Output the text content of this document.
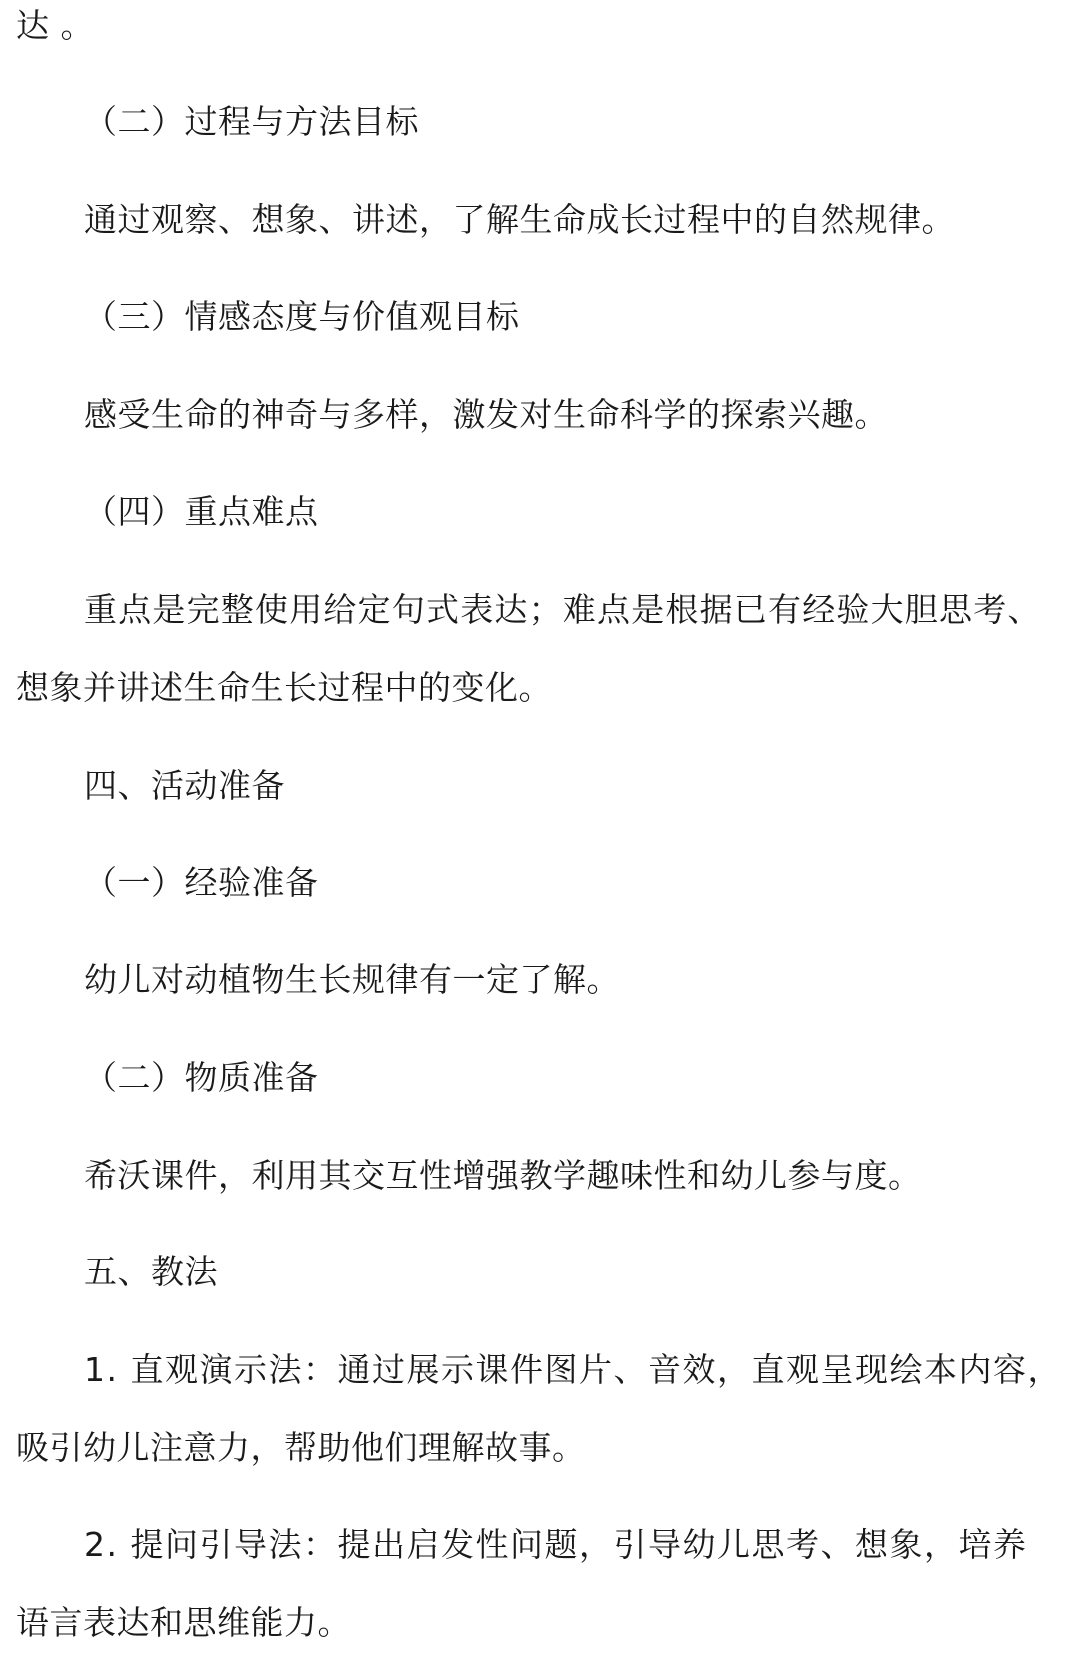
达 。
（二）过程与方法目标
通过观察、想象、讲述，了解生命成长过程中的自然规律。
（三）情感态度与价值观目标
感受生命的神奇与多样，激发对生命科学的探索兴趣。
（四）重点难点
重点是完整使用给定句式表达；难点是根据已有经验大胆思考、
想象并讲述生命生长过程中的变化。
四、活动准备
（一）经验准备
幼儿对动植物生长规律有一定了解。
（二）物质准备
希沃课件，利用其交互性增强教学趣味性和幼儿参与度。
五、教法
1. 直观演示法：通过展示课件图片、音效，直观呈现绘本内容，
吸引幼儿注意力，帮助他们理解故事。
2. 提问引导法：提出启发性问题，引导幼儿思考、想象，培养
语言表达和思维能力。
